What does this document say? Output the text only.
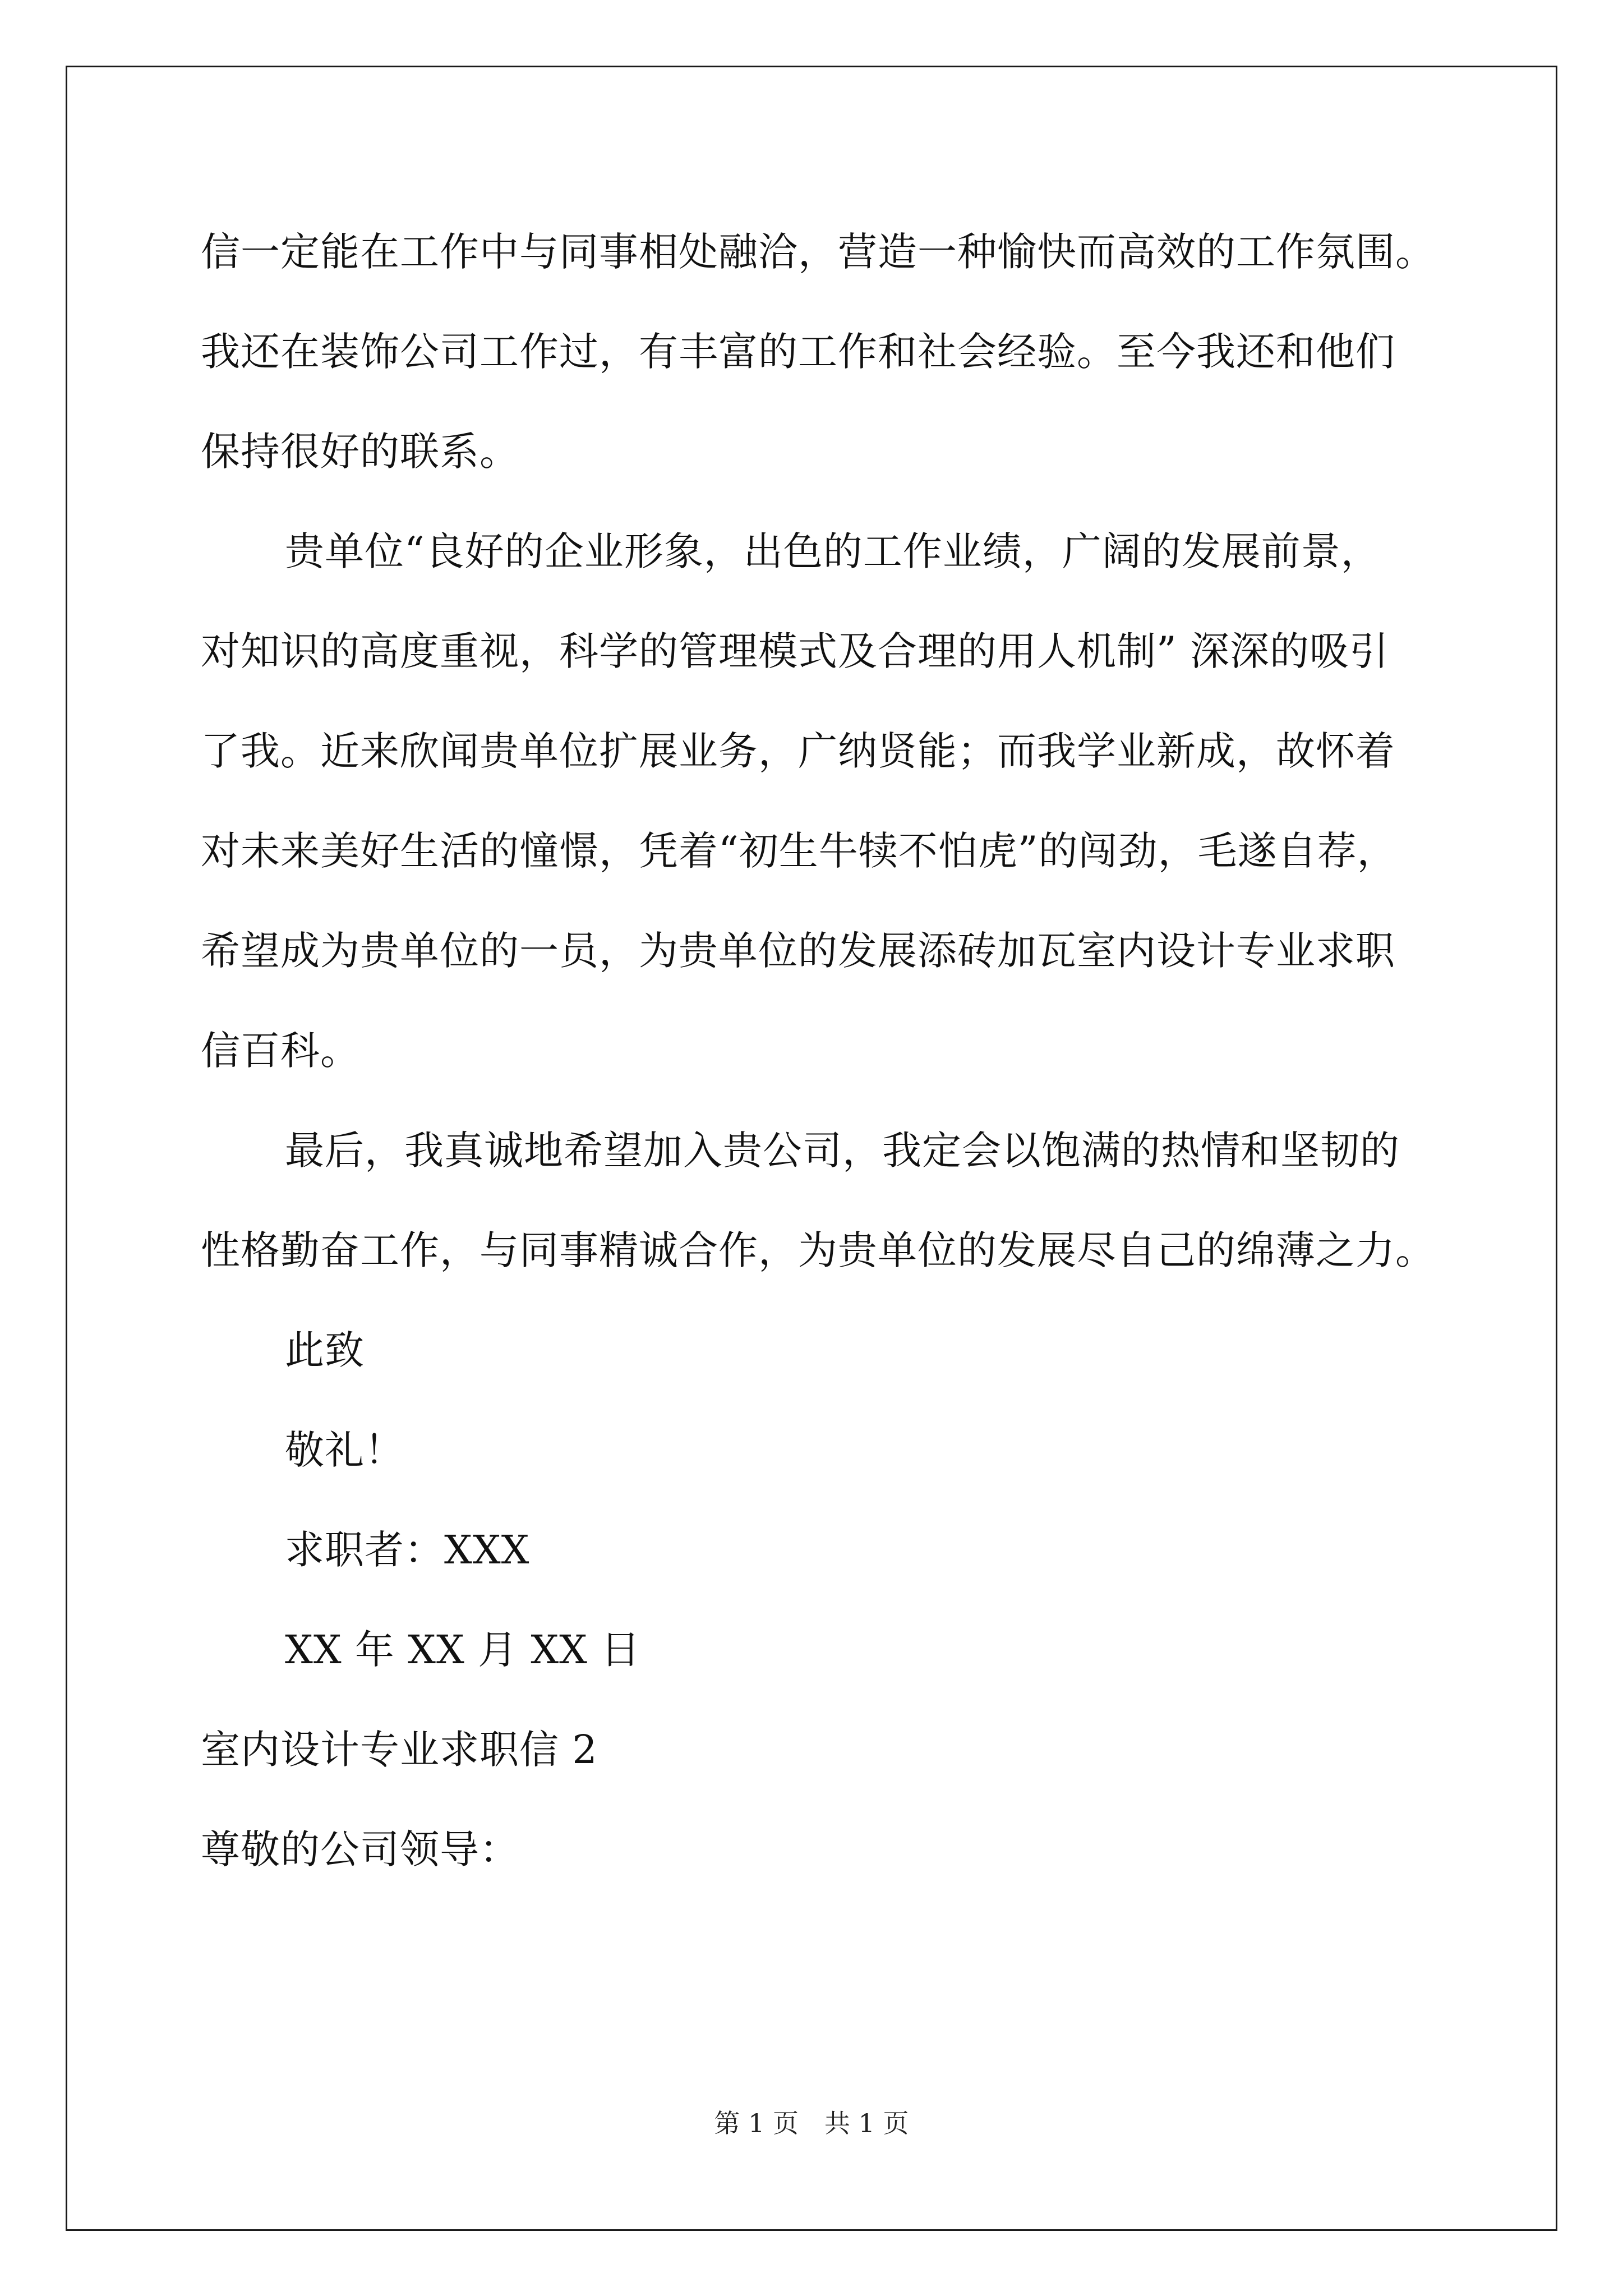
信一定能在工作中与同事相处融洽，营造一种愉快而高效的工作氛围。
我还在装饰公司工作过，有丰富的工作和社会经验。至今我还和他们
保持很好的联系。
贵单位“良好的企业形象，出色的工作业绩，广阔的发展前景，
对知识的高度重视，科学的管理模式及合理的用人机制” 深深的吸引
了我。近来欣闻贵单位扩展业务，广纳贤能；而我学业新成，故怀着
对未来美好生活的憧憬，凭着“初生牛犊不怕虎”的闯劲，毛遂自荐，
希望成为贵单位的一员，为贵单位的发展添砖加瓦室内设计专业求职
信百科。
最后，我真诚地希望加入贵公司，我定会以饱满的热情和坚韧的
性格勤奋工作，与同事精诚合作，为贵单位的发展尽自己的绵薄之力。
此致
敬礼！
求职者：XXX
XX 年 XX 月 XX 日
室内设计专业求职信 2
尊敬的公司领导：
第 1 页　共 1 页
